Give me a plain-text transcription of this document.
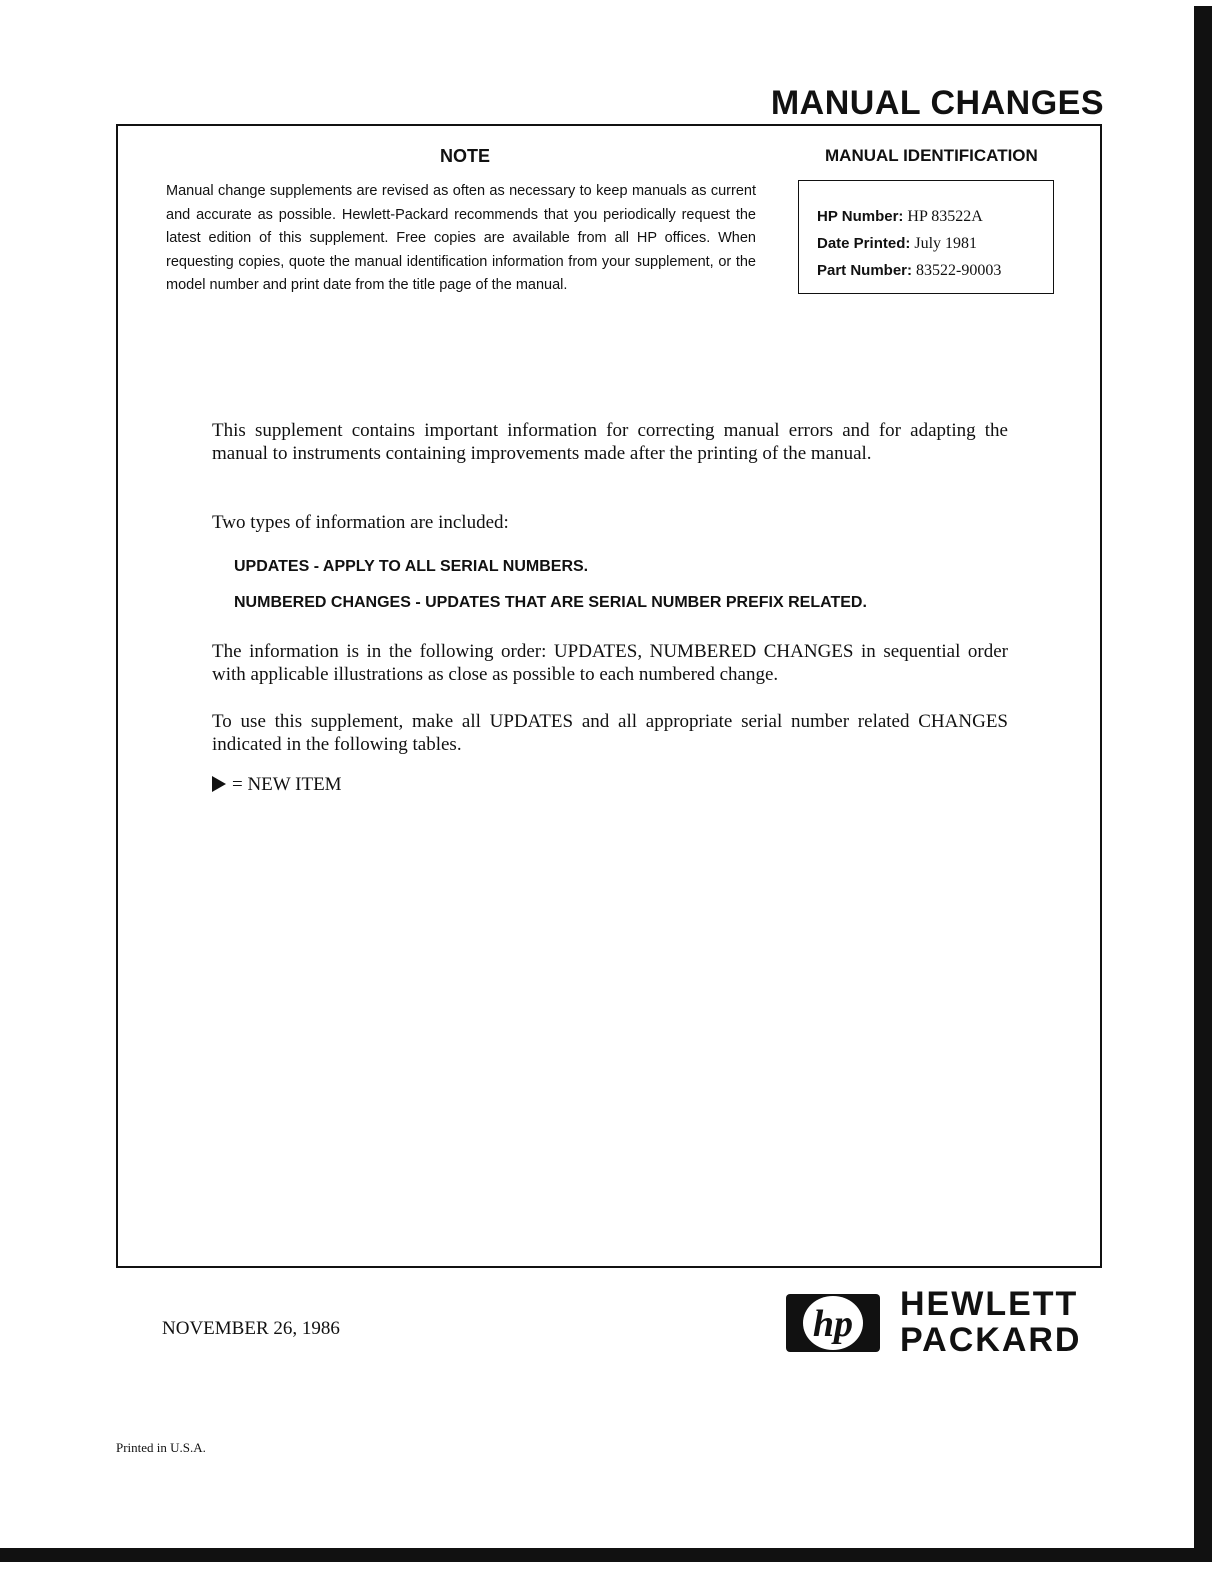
MANUAL CHANGES
NOTE

Manual change supplements are revised as often as necessary to keep manuals as current and accurate as possible. Hewlett-Packard recommends that you periodically request the latest edition of this supplement. Free copies are available from all HP offices. When requesting copies, quote the manual identification information from your supplement, or the model number and print date from the title page of the manual.

MANUAL IDENTIFICATION
HP Number: HP 83522A
Date Printed: July 1981
Part Number: 83522-90003

This supplement contains important information for correcting manual errors and for adapting the manual to instruments containing improvements made after the printing of the manual.

Two types of information are included:

UPDATES - APPLY TO ALL SERIAL NUMBERS.
NUMBERED CHANGES - UPDATES THAT ARE SERIAL NUMBER PREFIX RELATED.

The information is in the following order: UPDATES, NUMBERED CHANGES in sequential order with applicable illustrations as close as possible to each numbered change.

To use this supplement, make all UPDATES and all appropriate serial number related CHANGES indicated in the following tables.

= NEW ITEM
NOVEMBER 26, 1986	hp HEWLETT
PACKARD
Printed in U.S.A.
